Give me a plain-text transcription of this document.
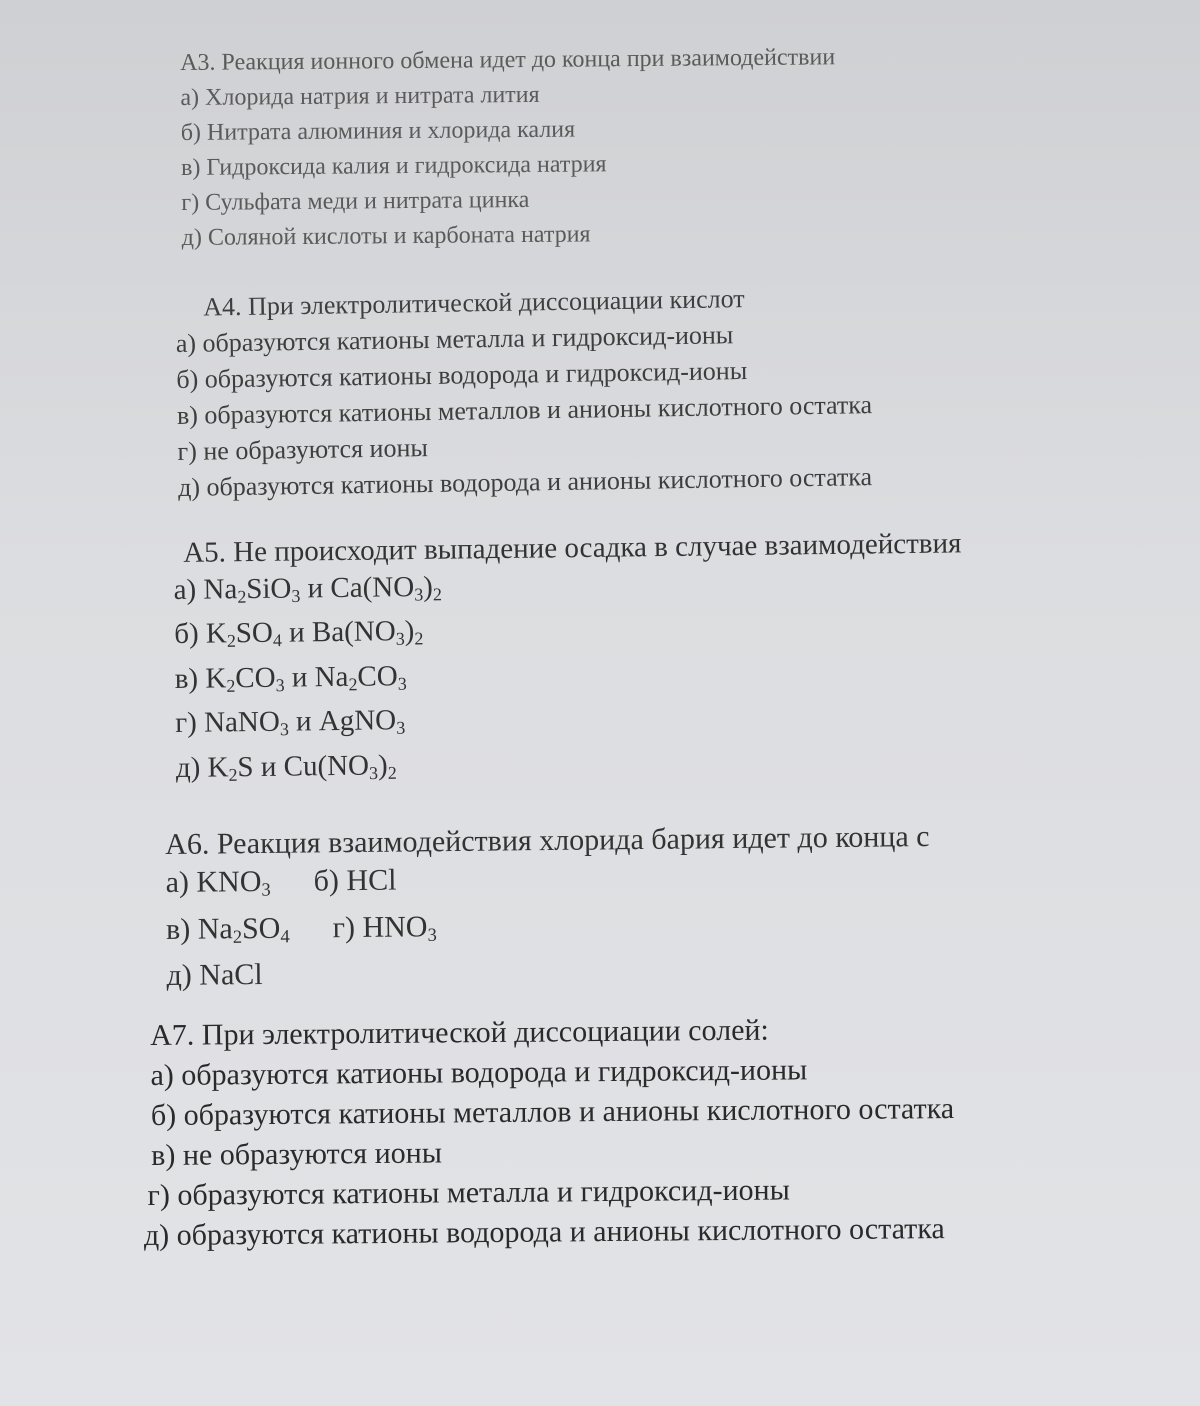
А3. Реакция ионного обмена идет до конца при взаимодействии
а) Хлорида натрия и нитрата лития
б) Нитрата алюминия и хлорида калия
в) Гидроксида калия и гидроксида натрия
г) Сульфата меди и нитрата цинка
д) Соляной кислоты и карбоната натрия
А4. При электролитической диссоциации кислот
а) образуются катионы металла и гидроксид-ионы
б) образуются катионы водорода и гидроксид-ионы
в) образуются катионы металлов и анионы кислотного остатка
г) не образуются ионы
д) образуются катионы водорода и анионы кислотного остатка
А5. Не происходит выпадение осадка в случае взаимодействия
а) $Na_2SiO_3$ и $Ca(NO_3)_2$
б) $K_2SO_4$ и $Ba(NO_3)_2$
в) $K_2CO_3$ и $Na_2CO_3$
г) NaNO$_3$ и AgNO$_3$
д) $K_2S$ и $Cu(NO_3)_2$
А6. Реакция взаимодействия хлорида бария идет до конца с
а) $KNO_3$ б) HCl
в) $Na_2SO_4$ г) $HNO_3$
д) NaCl
А7. При электролитической диссоциации солей:
а) образуются катионы водорода и гидроксид-ионы
б) образуются катионы металлов и анионы кислотного остатка
в) не образуются ионы
г) образуются катионы металла и гидроксид-ионы
д) образуются катионы водорода и анионы кислотного остатка
